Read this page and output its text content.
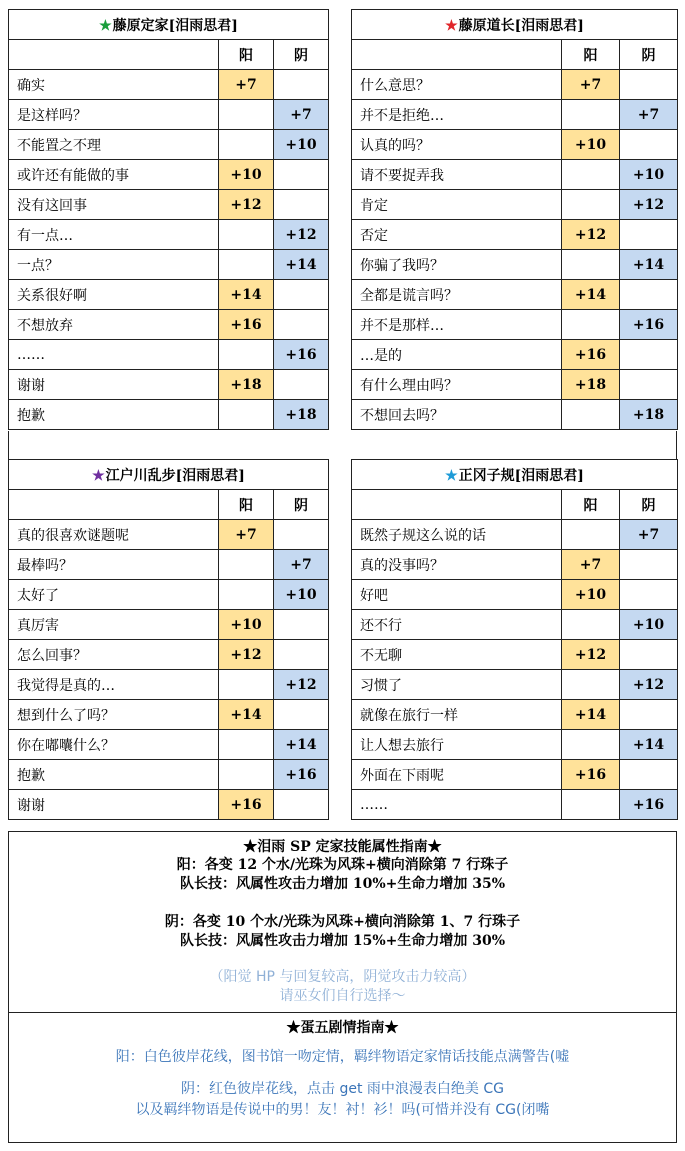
★藤原定家[泪雨思君]		
	阳	阴
确实	+7	
是这样吗？		+7
不能置之不理		+10
或许还有能做的事	+10	
没有这回事	+12	
有一点…		+12
一点？		+14
关系很好啊	+14	
不想放弃	+16	
……		+16
谢谢	+18	
抱歉		+18
★藤原道长[泪雨思君]		
	阳	阴
什么意思？	+7	
并不是拒绝…		+7
认真的吗？	+10	
请不要捉弄我		+10
肯定		+12
否定	+12	
你骗了我吗？		+14
全都是谎言吗？	+14	
并不是那样…		+16
…是的	+16	
有什么理由吗？	+18	
不想回去吗？		+18
★江户川乱步[泪雨思君]		
	阳	阴
真的很喜欢谜题呢	+7	
最棒吗？		+7
太好了		+10
真厉害	+10	
怎么回事？	+12	
我觉得是真的…		+12
想到什么了吗？	+14	
你在嘟囔什么？		+14
抱歉		+16
谢谢	+16	
★正冈子规[泪雨思君]		
	阳	阴
既然子规这么说的话		+7
真的没事吗？	+7	
好吧	+10	
还不行		+10
不无聊	+12	
习惯了		+12
就像在旅行一样	+14	
让人想去旅行		+14
外面在下雨呢	+16	
……		+16
★泪雨 SP 定家技能属性指南★
阳：各变 12 个水/光珠为风珠+横向消除第 7 行珠子
队长技：风属性攻击力增加 10%+生命力增加 35%
阴：各变 10 个水/光珠为风珠+横向消除第 1、7 行珠子
队长技：风属性攻击力增加 15%+生命力增加 30%
（阳觉 HP 与回复较高，阴觉攻击力较高）
请巫女们自行选择～
★蛋五剧情指南★
阳：白色彼岸花线，图书馆一吻定情，羁绊物语定家情话技能点满警告(嘘
阴：红色彼岸花线，点击 get 雨中浪漫表白绝美 CG
以及羁绊物语是传说中的男！友！衬！衫！吗(可惜并没有 CG(闭嘴
